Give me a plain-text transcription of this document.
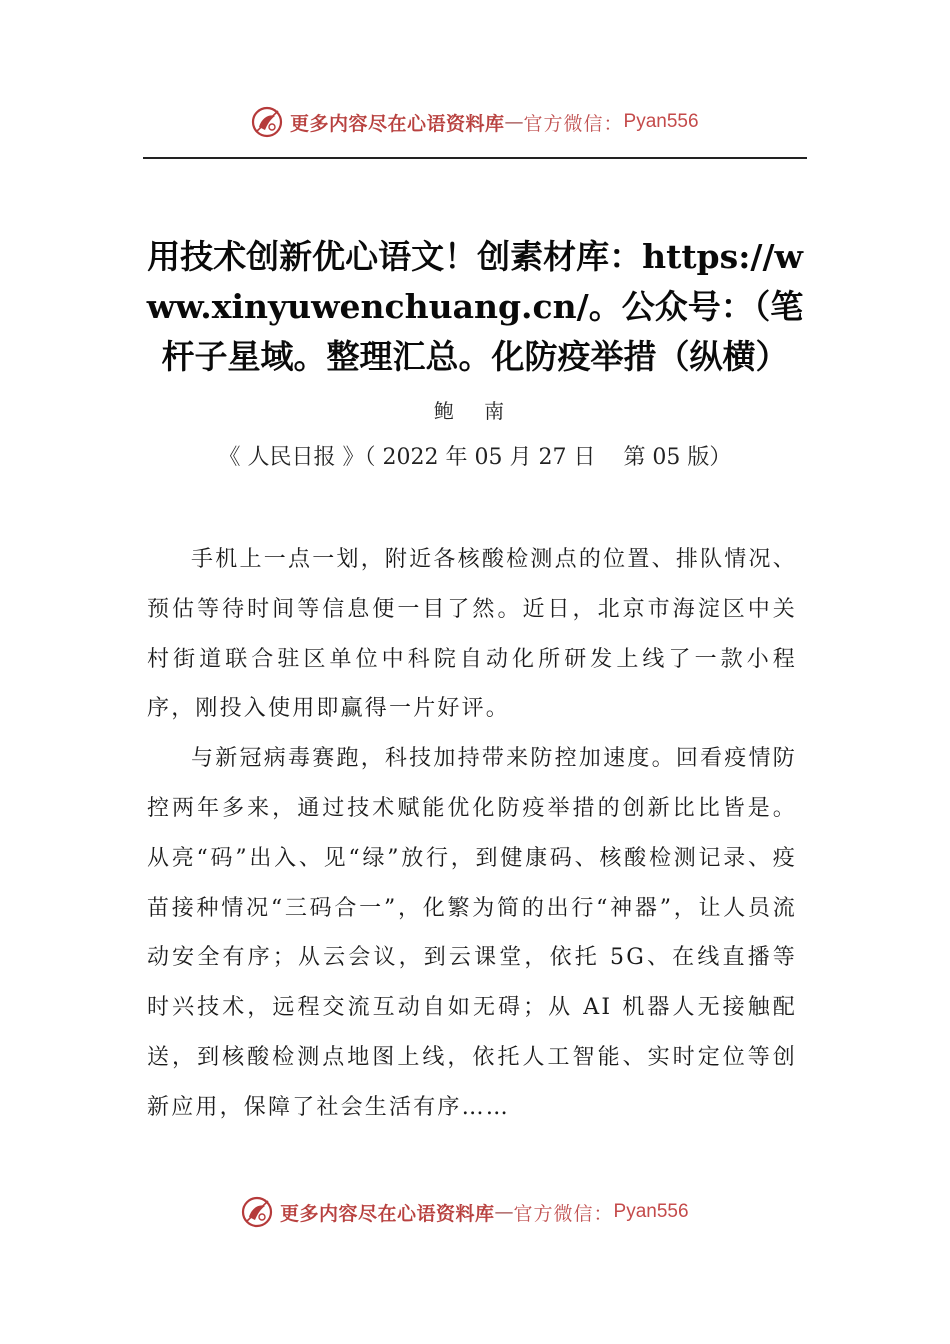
更多内容尽在心语资料库 — 官方微信： Pyan556
用技术创新优心语文！创素材库：https://www.xinyuwenchuang.cn/。公众号：（笔杆子星域。整理汇总。化防疫举措（纵横）
鲍 南
《 人民日报 》（ 2022 年 05 月 27 日    第 05 版）

手机上一点一划，附近各核酸检测点的位置、排队情况、预估等待时间等信息便一目了然。近日，北京市海淀区中关村街道联合驻区单位中科院自动化所研发上线了一款小程序，刚投入使用即赢得一片好评。

与新冠病毒赛跑，科技加持带来防控加速度。回看疫情防控两年多来，通过技术赋能优化防疫举措的创新比比皆是。从亮“码”出入、见“绿”放行，到健康码、核酸检测记录、疫苗接种情况“三码合一”，化繁为简的出行“神器”，让人员流动安全有序；从云会议，到云课堂，依托 5G、在线直播等时兴技术，远程交流互动自如无碍；从 AI 机器人无接触配送，到核酸检测点地图上线，依托人工智能、实时定位等创新应用，保障了社会生活有序……

更多内容尽在心语资料库 — 官方微信： Pyan556
